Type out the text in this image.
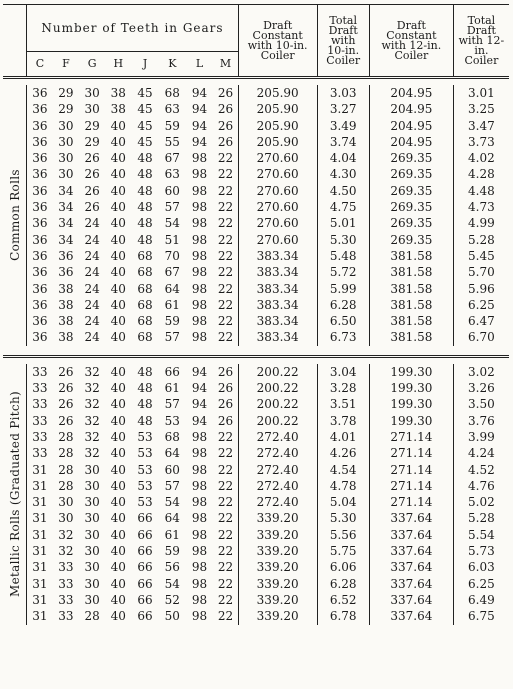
	Number of Teeth in Gears								Draft Constant with 10-in. Coiler	Total Draft with 10-in. Coiler	Draft Constant with 12-in. Coiler	Total Draft with 12-in. Coiler
	C	F	G	H	J	K	L	M				

Common Rolls	36	29	30	38	45	68	94	26	205.90	3.03	204.95	3.01
	36	29	30	38	45	63	94	26	205.90	3.27	204.95	3.25
	36	30	29	40	45	59	94	26	205.90	3.49	204.95	3.47
	36	30	29	40	45	55	94	26	205.90	3.74	204.95	3.73
	36	30	26	40	48	67	98	22	270.60	4.04	269.35	4.02
	36	30	26	40	48	63	98	22	270.60	4.30	269.35	4.28
	36	34	26	40	48	60	98	22	270.60	4.50	269.35	4.48
	36	34	26	40	48	57	98	22	270.60	4.75	269.35	4.73
	36	34	24	40	48	54	98	22	270.60	5.01	269.35	4.99
	36	34	24	40	48	51	98	22	270.60	5.30	269.35	5.28
	36	36	24	40	68	70	98	22	383.34	5.48	381.58	5.45
	36	36	24	40	68	67	98	22	383.34	5.72	381.58	5.70
	36	38	24	40	68	64	98	22	383.34	5.99	381.58	5.96
	36	38	24	40	68	61	98	22	383.34	6.28	381.58	6.25
	36	38	24	40	68	59	98	22	383.34	6.50	381.58	6.47
	36	38	24	40	68	57	98	22	383.34	6.73	381.58	6.70

Metallic Rolls (Graduated Pitch)	33	26	32	40	48	66	94	26	200.22	3.04	199.30	3.02
	33	26	32	40	48	61	94	26	200.22	3.28	199.30	3.26
	33	26	32	40	48	57	94	26	200.22	3.51	199.30	3.50
	33	26	32	40	48	53	94	26	200.22	3.78	199.30	3.76
	33	28	32	40	53	68	98	22	272.40	4.01	271.14	3.99
	33	28	32	40	53	64	98	22	272.40	4.26	271.14	4.24
	31	28	30	40	53	60	98	22	272.40	4.54	271.14	4.52
	31	28	30	40	53	57	98	22	272.40	4.78	271.14	4.76
	31	30	30	40	53	54	98	22	272.40	5.04	271.14	5.02
	31	30	30	40	66	64	98	22	339.20	5.30	337.64	5.28
	31	32	30	40	66	61	98	22	339.20	5.56	337.64	5.54
	31	32	30	40	66	59	98	22	339.20	5.75	337.64	5.73
	31	33	30	40	66	56	98	22	339.20	6.06	337.64	6.03
	31	33	30	40	66	54	98	22	339.20	6.28	337.64	6.25
	31	33	30	40	66	52	98	22	339.20	6.52	337.64	6.49
	31	33	28	40	66	50	98	22	339.20	6.78	337.64	6.75
